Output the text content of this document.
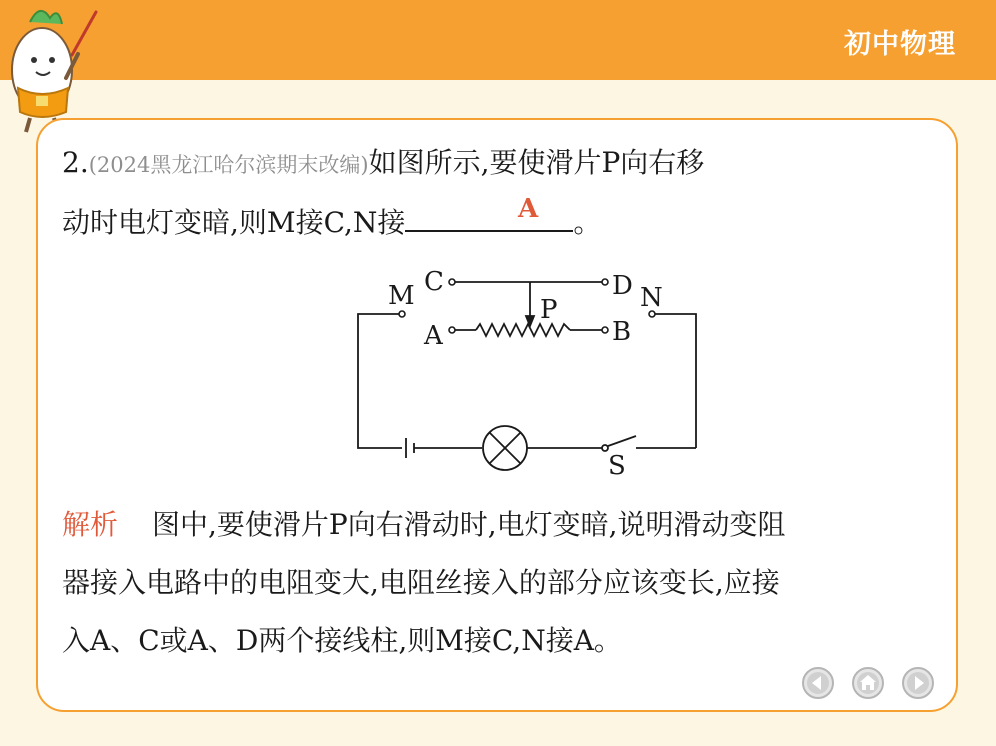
初中物理
2.(2024黑龙江哈尔滨期末改编)如图所示,要使滑片P向右移
动时电灯变暗,则M接C,N接	。
A
M	N
C	D
A	B
P
S
解析 图中,要使滑片P向右滑动时,电灯变暗,说明滑动变阻
器接入电路中的电阻变大,电阻丝接入的部分应该变长,应接
入A、C或A、D两个接线柱,则M接C,N接A。
